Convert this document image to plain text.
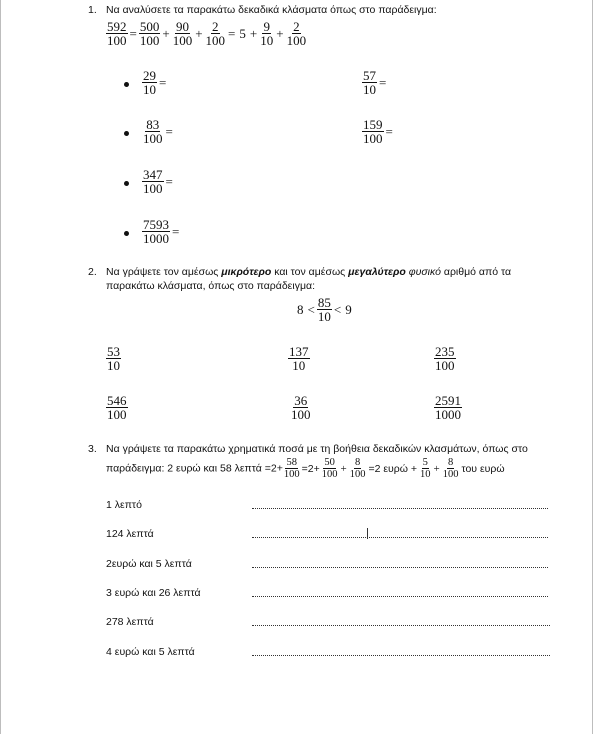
1. Να αναλύσετε τα παρακάτω δεκαδικά κλάσματα όπως στο παράδειγμα:
$\frac{592}{100} = \frac{500}{100} + \frac{90}{100} + \frac{2}{100} = 5 + \frac{9}{10} + \frac{2}{100}$
$\frac{29}{10}$ =	$\frac{57}{10}$ =
$\frac{83}{100}$ =	$\frac{159}{100}$ =
$\frac{347}{100}$ =
$\frac{7593}{1000}$ =
2. Να γράψετε τον αμέσως μικρότερο και τον αμέσως μεγαλύτερο φυσικό αριθμό από τα
παρακάτω κλάσματα, όπως στο παράδειγμα:
$8 < \frac{85}{10} < 9$
$\frac{53}{10}$	$\frac{137}{10}$	$\frac{235}{100}$
$\frac{546}{100}$	$\frac{36}{100}$	$\frac{2591}{1000}$
3. Να γράψετε τα παρακάτω χρηματικά ποσά με τη βοήθεια δεκαδικών κλασμάτων, όπως στο
παράδειγμα: 2 ευρώ και 58 $\lambda\varepsilon\pi\tau ά =2+ \frac{58}{100} =2+ \frac{50}{100} + \frac{8}{100} =2$ $\varepsilon\upsilon\rho ώ + \frac{5}{10} + \frac{8}{100}$ του ευρώ
1 λεπτό
124 λεπτά
2ευρώ και 5 λεπτά
3 ευρώ και 26 λεπτά
278 λεπτά
4 ευρώ και 5 λεπτά
